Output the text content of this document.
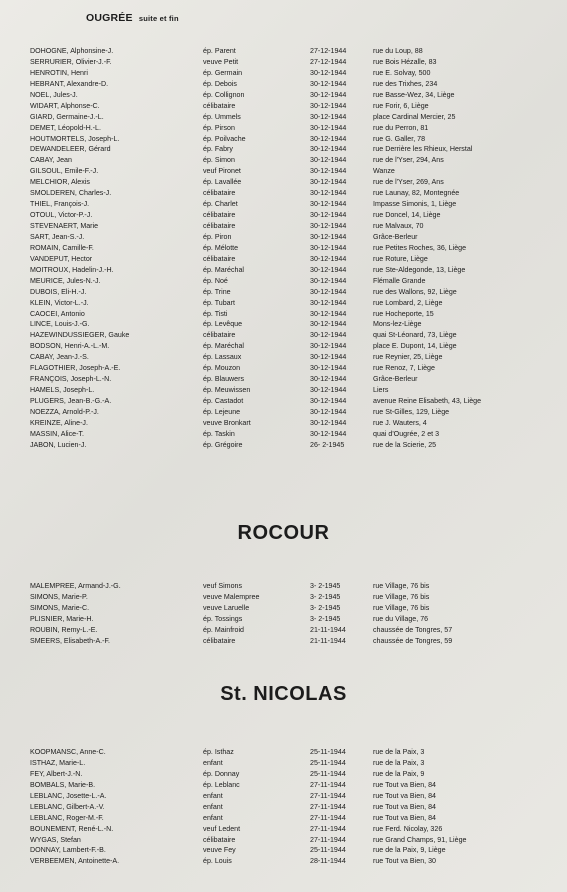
OUGRÉE suite et fin
DOHOGNE, Alphonsine-J.	ép. Parent	27-12-1944	rue du Loup, 88
SERRURIER, Olivier-J.-F.	veuve Petit	27-12-1944	rue Bois Hézalle, 83
HENROTIN, Henri	ép. Germain	30-12-1944	rue E. Solvay, 500
HEBRANT, Alexandre-D.	ép. Debois	30-12-1944	rue des Trixhes, 234
NOEL, Jules-J.	ép. Collignon	30-12-1944	rue Basse-Wez, 34, Liège
WIDART, Alphonse-C.	célibataire	30-12-1944	rue Forir, 6, Liège
GIARD, Germaine-J.-L.	ép. Ummels	30-12-1944	place Cardinal Mercier, 25
DEMET, Léopold-H.-L.	ép. Pirson	30-12-1944	rue du Perron, 81
HOUTMORTELS, Joseph-L.	ép. Poilvache	30-12-1944	rue G. Galler, 78
DEWANDELEER, Gérard	ép. Fabry	30-12-1944	rue Derrière les Rhieux, Herstal
CABAY, Jean	ép. Simon	30-12-1944	rue de l'Yser, 294, Ans
GILSOUL, Emile-F.-J.	veuf Pironet	30-12-1944	Wanze
MELCHIOR, Alexis	ép. Lavallée	30-12-1944	rue de l'Yser, 269, Ans
SMOLDEREN, Charles-J.	célibataire	30-12-1944	rue Launay, 82, Montegnée
THIEL, François-J.	ép. Charlet	30-12-1944	Impasse Simonis, 1, Liège
OTOUL, Victor-P.-J.	célibataire	30-12-1944	rue Doncel, 14, Liège
STEVENAERT, Marie	célibataire	30-12-1944	rue Malvaux, 70
SART, Jean-S.-J.	ép. Piron	30-12-1944	Grâce-Berleur
ROMAIN, Camille-F.	ép. Mélotte	30-12-1944	rue Petites Roches, 36, Liège
VANDEPUT, Hector	célibataire	30-12-1944	rue Roture, Liège
MOITROUX, Hadelin-J.-H.	ép. Maréchal	30-12-1944	rue Ste-Aldegonde, 13, Liège
MEURICE, Jules-N.-J.	ép. Noé	30-12-1944	Flémalle Grande
DUBOIS, Eli-H.-J.	ép. Trine	30-12-1944	rue des Wallons, 92, Liège
KLEIN, Victor-L.-J.	ép. Tubart	30-12-1944	rue Lombard, 2, Liège
CAOCEI, Antonio	ép. Tisti	30-12-1944	rue Hocheporte, 15
LINCE, Louis-J.-G.	ép. Levêque	30-12-1944	Mons-lez-Liège
HAZEWINDUSSIEGER, Gauke	célibataire	30-12-1944	quai St-Léonard, 73, Liège
BODSON, Henri-A.-L.-M.	ép. Maréchal	30-12-1944	place E. Dupont, 14, Liège
CABAY, Jean-J.-S.	ép. Lassaux	30-12-1944	rue Reynier, 25, Liège
FLAGOTHIER, Joseph-A.-E.	ép. Mouzon	30-12-1944	rue Renoz, 7, Liège
FRANÇOIS, Joseph-L.-N.	ép. Blauwers	30-12-1944	Grâce-Berleur
HAMELS, Joseph-L.	ép. Meuwissen	30-12-1944	Liers
PLUGERS, Jean-B.-G.-A.	ép. Castadot	30-12-1944	avenue Reine Elisabeth, 43, Liège
NOEZZA, Arnold-P.-J.	ép. Lejeune	30-12-1944	rue St-Gilles, 129, Liège
KREINZE, Aline-J.	veuve Bronkart	30-12-1944	rue J. Wauters, 4
MASSIN, Alice-T.	ép. Taskin	30-12-1944	quai d'Ougrée, 2 et 3
JABON, Lucien-J.	ép. Grégoire	26- 2-1945	rue de la Scierie, 25
ROCOUR
MALEMPREE, Armand-J.-G.	veuf Simons	3- 2-1945	rue Village, 76 bis
SIMONS, Marie-P.	veuve Malempree	3- 2-1945	rue Village, 76 bis
SIMONS, Marie-C.	veuve Laruelle	3- 2-1945	rue Village, 76 bis
PLISNIER, Marie-H.	ép. Tossings	3- 2-1945	rue du Village, 76
ROUBIN, Remy-L.-E.	ép. Mainfroid	21-11-1944	chaussée de Tongres, 57
SMEERS, Elisabeth-A.-F.	célibataire	21-11-1944	chaussée de Tongres, 59
St. NICOLAS
KOOPMANSC, Anne-C.	ép. Isthaz	25-11-1944	rue de la Paix, 3
ISTHAZ, Marie-L.	enfant	25-11-1944	rue de la Paix, 3
FEY, Albert-J.-N.	ép. Donnay	25-11-1944	rue de la Paix, 9
BOMBALS, Marie-B.	ép. Leblanc	27-11-1944	rue Tout va Bien, 84
LEBLANC, Josette-L.-A.	enfant	27-11-1944	rue Tout va Bien, 84
LEBLANC, Gilbert-A.-V.	enfant	27-11-1944	rue Tout va Bien, 84
LEBLANC, Roger-M.-F.	enfant	27-11-1944	rue Tout va Bien, 84
BOUNEMENT, René-L.-N.	veuf Ledent	27-11-1944	rue Ferd. Nicolay, 326
WYGAS, Stefan	célibataire	27-11-1944	rue Grand Champs, 91, Liège
DONNAY, Lambert-F.-B.	veuve Fey	25-11-1944	rue de la Paix, 9, Liège
VERBEEMEN, Antoinette-A.	ép. Louis	28-11-1944	rue Tout va Bien, 30
